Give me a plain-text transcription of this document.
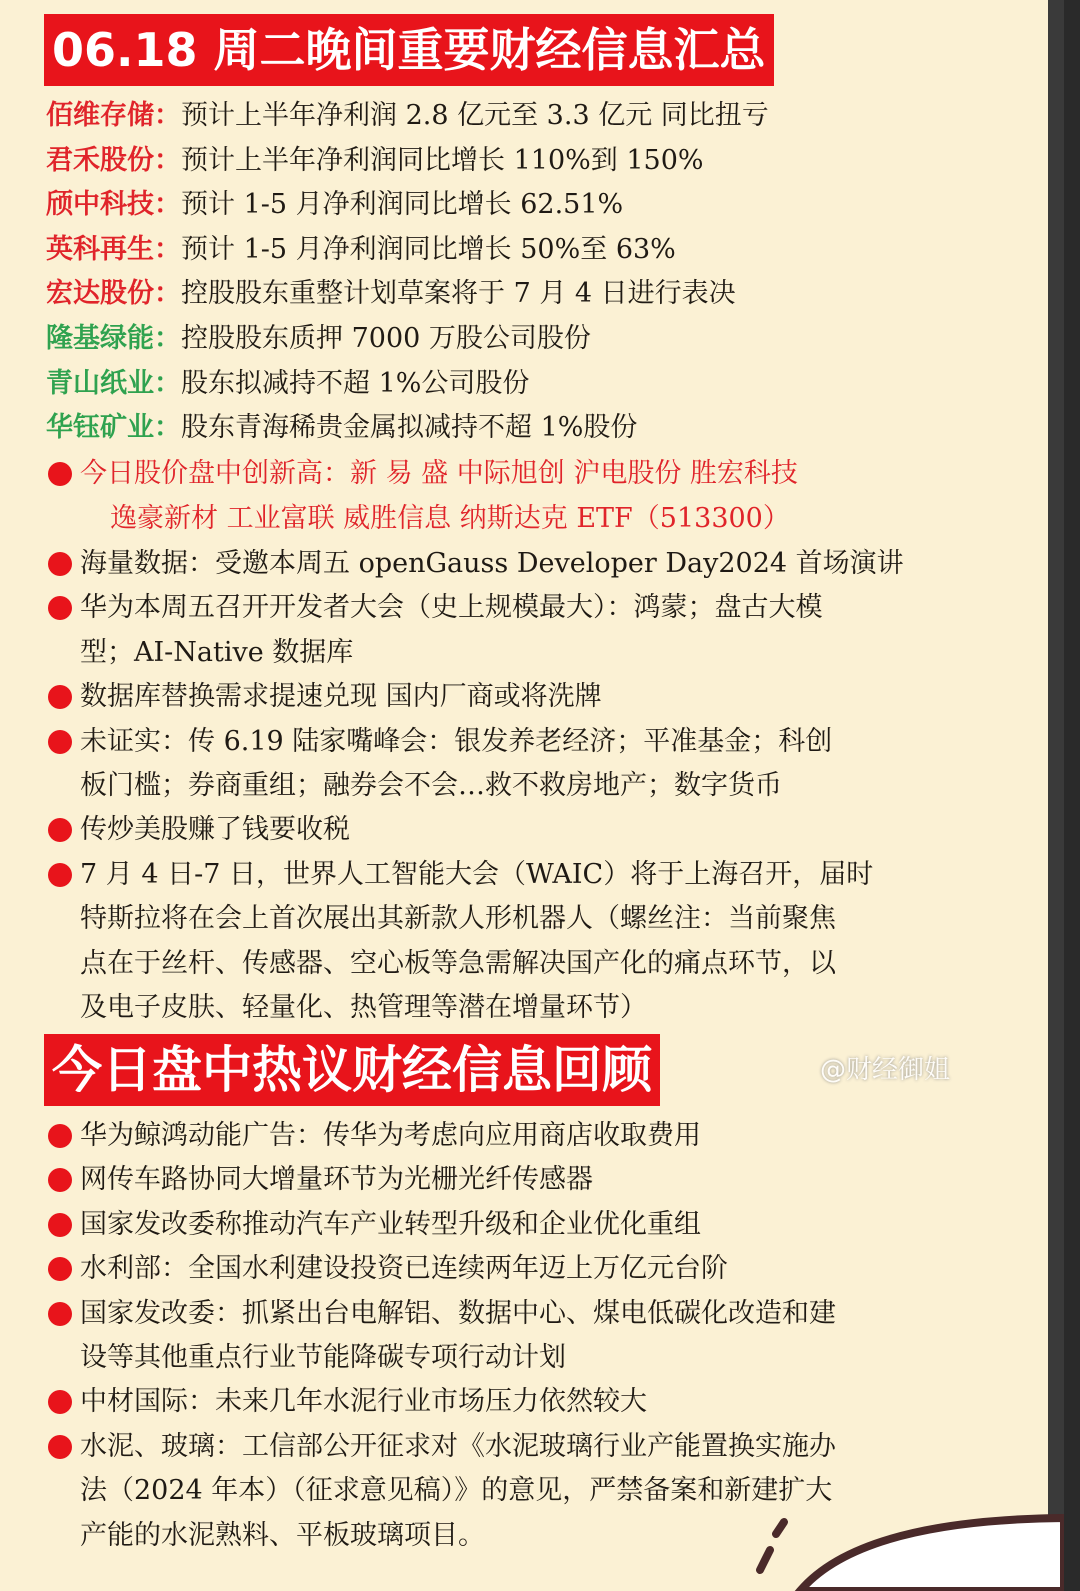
06.18 周二晚间重要财经信息汇总
佰维存储：预计上半年净利润 2.8 亿元至 3.3 亿元 同比扭亏
君禾股份：预计上半年净利润同比增长 110%到 150%
颀中科技：预计 1-5 月净利润同比增长 62.51%
英科再生：预计 1-5 月净利润同比增长 50%至 63%
宏达股份：控股股东重整计划草案将于 7 月 4 日进行表决
隆基绿能：控股股东质押 7000 万股公司股份
青山纸业：股东拟减持不超 1%公司股份
华钰矿业：股东青海稀贵金属拟减持不超 1%股份
今日股价盘中创新高：新 易 盛 中际旭创 沪电股份 胜宏科技
逸豪新材 工业富联 威胜信息 纳斯达克 ETF（513300）
海量数据：受邀本周五 openGauss Developer Day2024 首场演讲
华为本周五召开开发者大会（史上规模最大）：鸿蒙；盘古大模
型；AI-Native 数据库
数据库替换需求提速兑现 国内厂商或将洗牌
未证实：传 6.19 陆家嘴峰会：银发养老经济；平准基金；科创
板门槛；券商重组；融券会不会…救不救房地产；数字货币
传炒美股赚了钱要收税
7 月 4 日-7 日，世界人工智能大会（WAIC）将于上海召开，届时
特斯拉将在会上首次展出其新款人形机器人（螺丝注：当前聚焦
点在于丝杆、传感器、空心板等急需解决国产化的痛点环节，以
及电子皮肤、轻量化、热管理等潜在增量环节）
华为鲸鸿动能广告：传华为考虑向应用商店收取费用
网传车路协同大增量环节为光栅光纤传感器
国家发改委称推动汽车产业转型升级和企业优化重组
水利部：全国水利建设投资已连续两年迈上万亿元台阶
国家发改委：抓紧出台电解铝、数据中心、煤电低碳化改造和建
设等其他重点行业节能降碳专项行动计划
中材国际：未来几年水泥行业市场压力依然较大
水泥、玻璃：工信部公开征求对《水泥玻璃行业产能置换实施办
法（2024 年本）（征求意见稿）》的意见，严禁备案和新建扩大
产能的水泥熟料、平板玻璃项目。
今日盘中热议财经信息回顾	@财经御姐
